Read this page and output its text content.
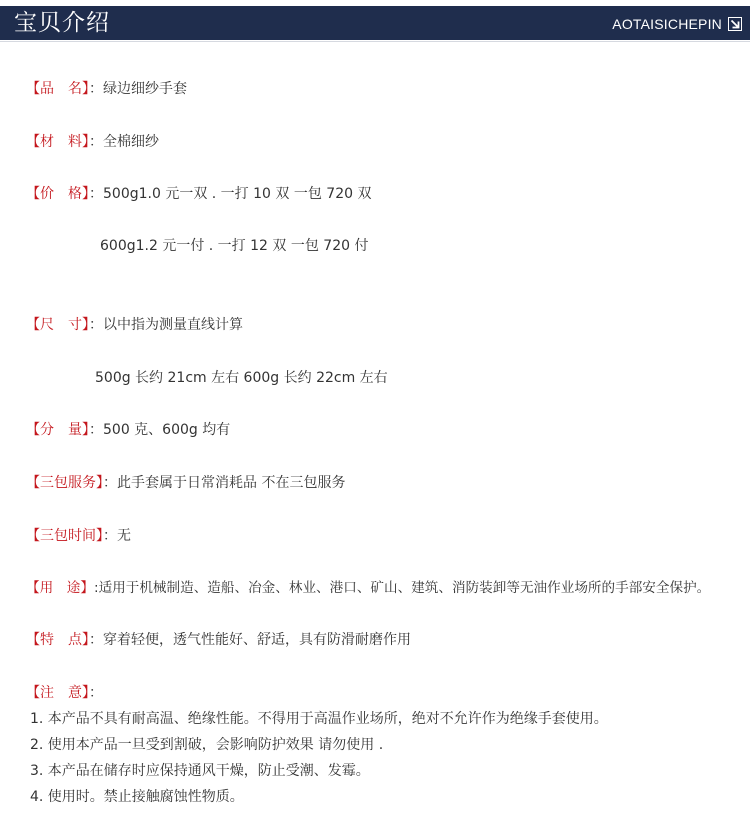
宝贝介绍	AOTAISICHEPIN
【品　名】：绿边细纱手套
【材　料】：全棉细纱
【价　格】：500g1.0 元一双 . 一打 10 双 一包 720 双
600g1.2 元一付 . 一打 12 双 一包 720 付
【尺　寸】：以中指为测量直线计算
500g 长约 21cm 左右 600g 长约 22cm 左右
【分　量】：500 克、600g 均有
【三包服务】：此手套属于日常消耗品 不在三包服务
【三包时间】：无
【用　途】:适用于机械制造、造船、冶金、林业、港口、矿山、建筑、消防装卸等无油作业场所的手部安全保护。
【特　点】：穿着轻便，透气性能好、舒适，具有防滑耐磨作用
【注　意】：
1. 本产品不具有耐高温、绝缘性能。不得用于高温作业场所，绝对不允许作为绝缘手套使用。
2. 使用本产品一旦受到割破，会影响防护效果 请勿使用 .
3. 本产品在储存时应保持通风干燥，防止受潮、发霉。
4. 使用时。禁止接触腐蚀性物质。
